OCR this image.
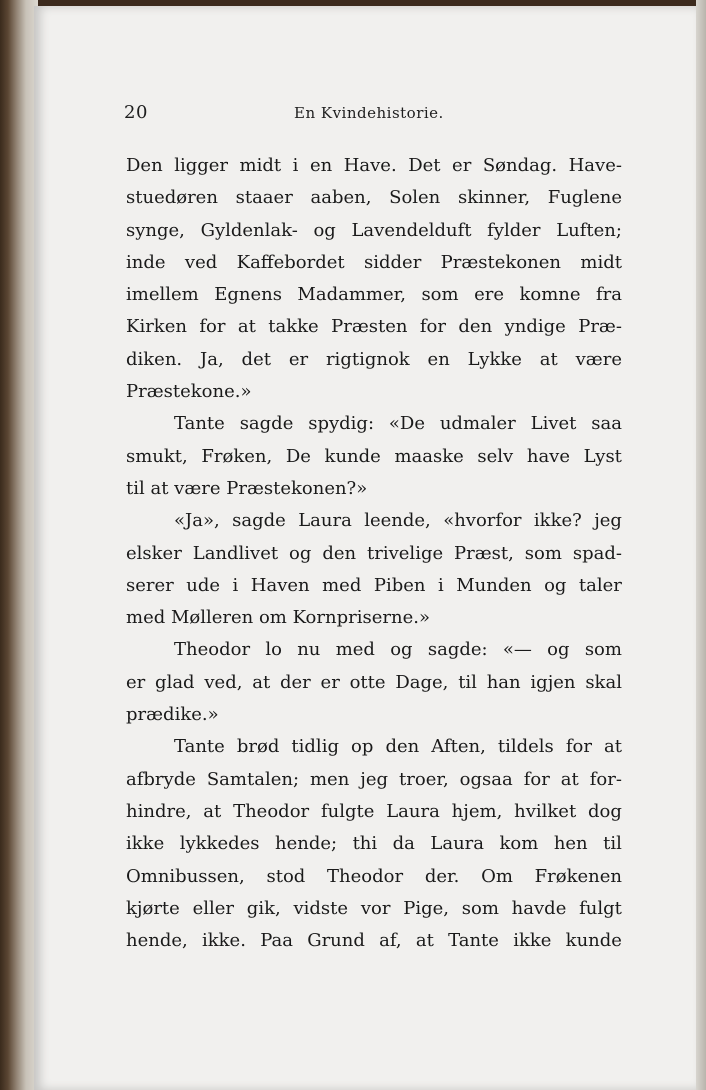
20	En Kvindehistorie.
Den ligger midt i en Have. Det er Søndag. Have-
stuedøren staaer aaben, Solen skinner, Fuglene
synge, Gyldenlak- og Lavendelduft fylder Luften;
inde ved Kaffebordet sidder Præstekonen midt
imellem Egnens Madammer, som ere komne fra
Kirken for at takke Præsten for den yndige Præ-
diken. Ja, det er rigtignok en Lykke at være
Præstekone.»
Tante sagde spydig: «De udmaler Livet saa
smukt, Frøken, De kunde maaske selv have Lyst
til at være Præstekonen?»
«Ja», sagde Laura leende, «hvorfor ikke? jeg
elsker Landlivet og den trivelige Præst, som spad-
serer ude i Haven med Piben i Munden og taler
med Mølleren om Kornpriserne.»
Theodor lo nu med og sagde: «— og som
er glad ved, at der er otte Dage, til han igjen skal
prædike.»
Tante brød tidlig op den Aften, tildels for at
afbryde Samtalen; men jeg troer, ogsaa for at for-
hindre, at Theodor fulgte Laura hjem, hvilket dog
ikke lykkedes hende; thi da Laura kom hen til
Omnibussen, stod Theodor der. Om Frøkenen
kjørte eller gik, vidste vor Pige, som havde fulgt
hende, ikke. Paa Grund af, at Tante ikke kunde
